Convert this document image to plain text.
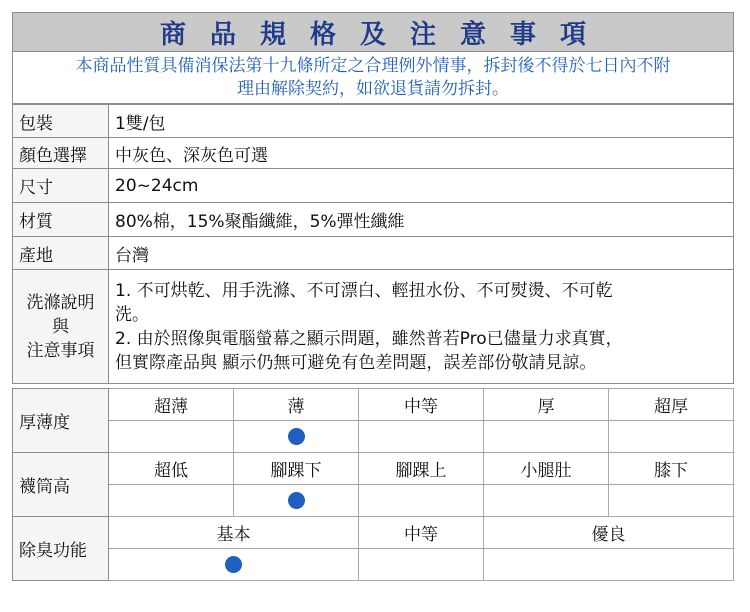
商品規格及注意事項
本商品性質具備消保法第十九條所定之合理例外情事，拆封後不得於七日內不附
理由解除契約，如欲退貨請勿拆封。
包裝	1雙/包
顏色選擇	中灰色、深灰色可選
尺寸	20~24cm
材質	80%棉，15%聚酯纖維，5%彈性纖維
產地	台灣

洗滌說明
與
注意事項	1. 不可烘乾、用手洗滌、不可漂白、輕扭水份、不可熨燙、不可乾
洗。
2. 由於照像與電腦螢幕之顯示問題，雖然普若Pro已儘量力求真實，
但實際產品與 顯示仍無可避免有色差問題，誤差部份敬請見諒。
厚薄度	超薄	薄	中等	厚	超厚

襪筒高	超低	腳踝下	腳踝上	小腿肚	膝下

除臭功能	基本		中等	優良	
